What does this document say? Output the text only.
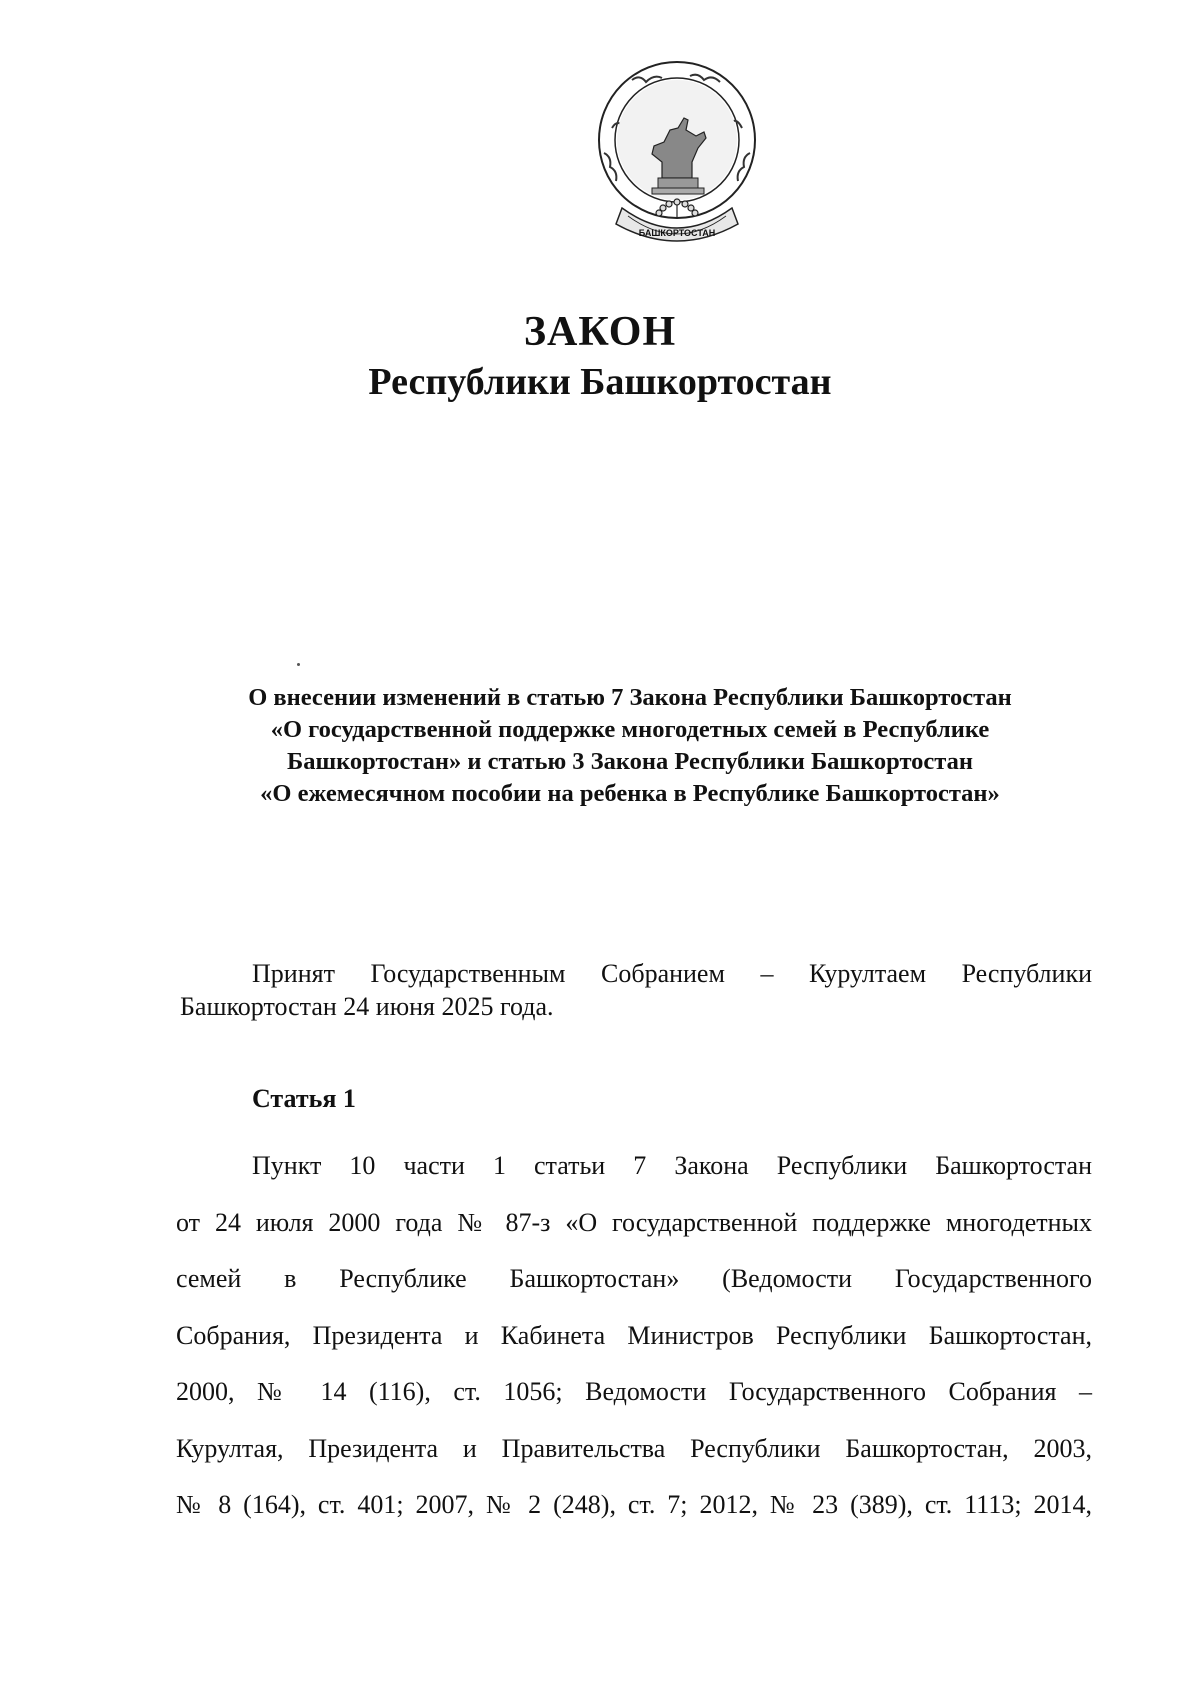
БАШКОРТОСТАН
ЗАКОН
Республики Башкортостан

О внесении изменений в статью 7 Закона Республики Башкортостан
«О государственной поддержке многодетных семей в Республике
Башкортостан» и статью 3 Закона Республики Башкортостан
«О ежемесячном пособии на ребенка в Республике Башкортостан»

Принят Государственным Собранием – Курултаем Республики
Башкортостан 24 июня 2025 года.

Статья 1
Пункт 10 части 1 статьи 7 Закона Республики Башкортостан
от 24 июля 2000 года № 87-з «О государственной поддержке многодетных
семей в Республике Башкортостан» (Ведомости Государственного
Собрания, Президента и Кабинета Министров Республики Башкортостан,
2000, № 14 (116), ст. 1056; Ведомости Государственного Собрания –
Курултая, Президента и Правительства Республики Башкортостан, 2003,
№ 8 (164), ст. 401; 2007, № 2 (248), ст. 7; 2012, № 23 (389), ст. 1113; 2014,
